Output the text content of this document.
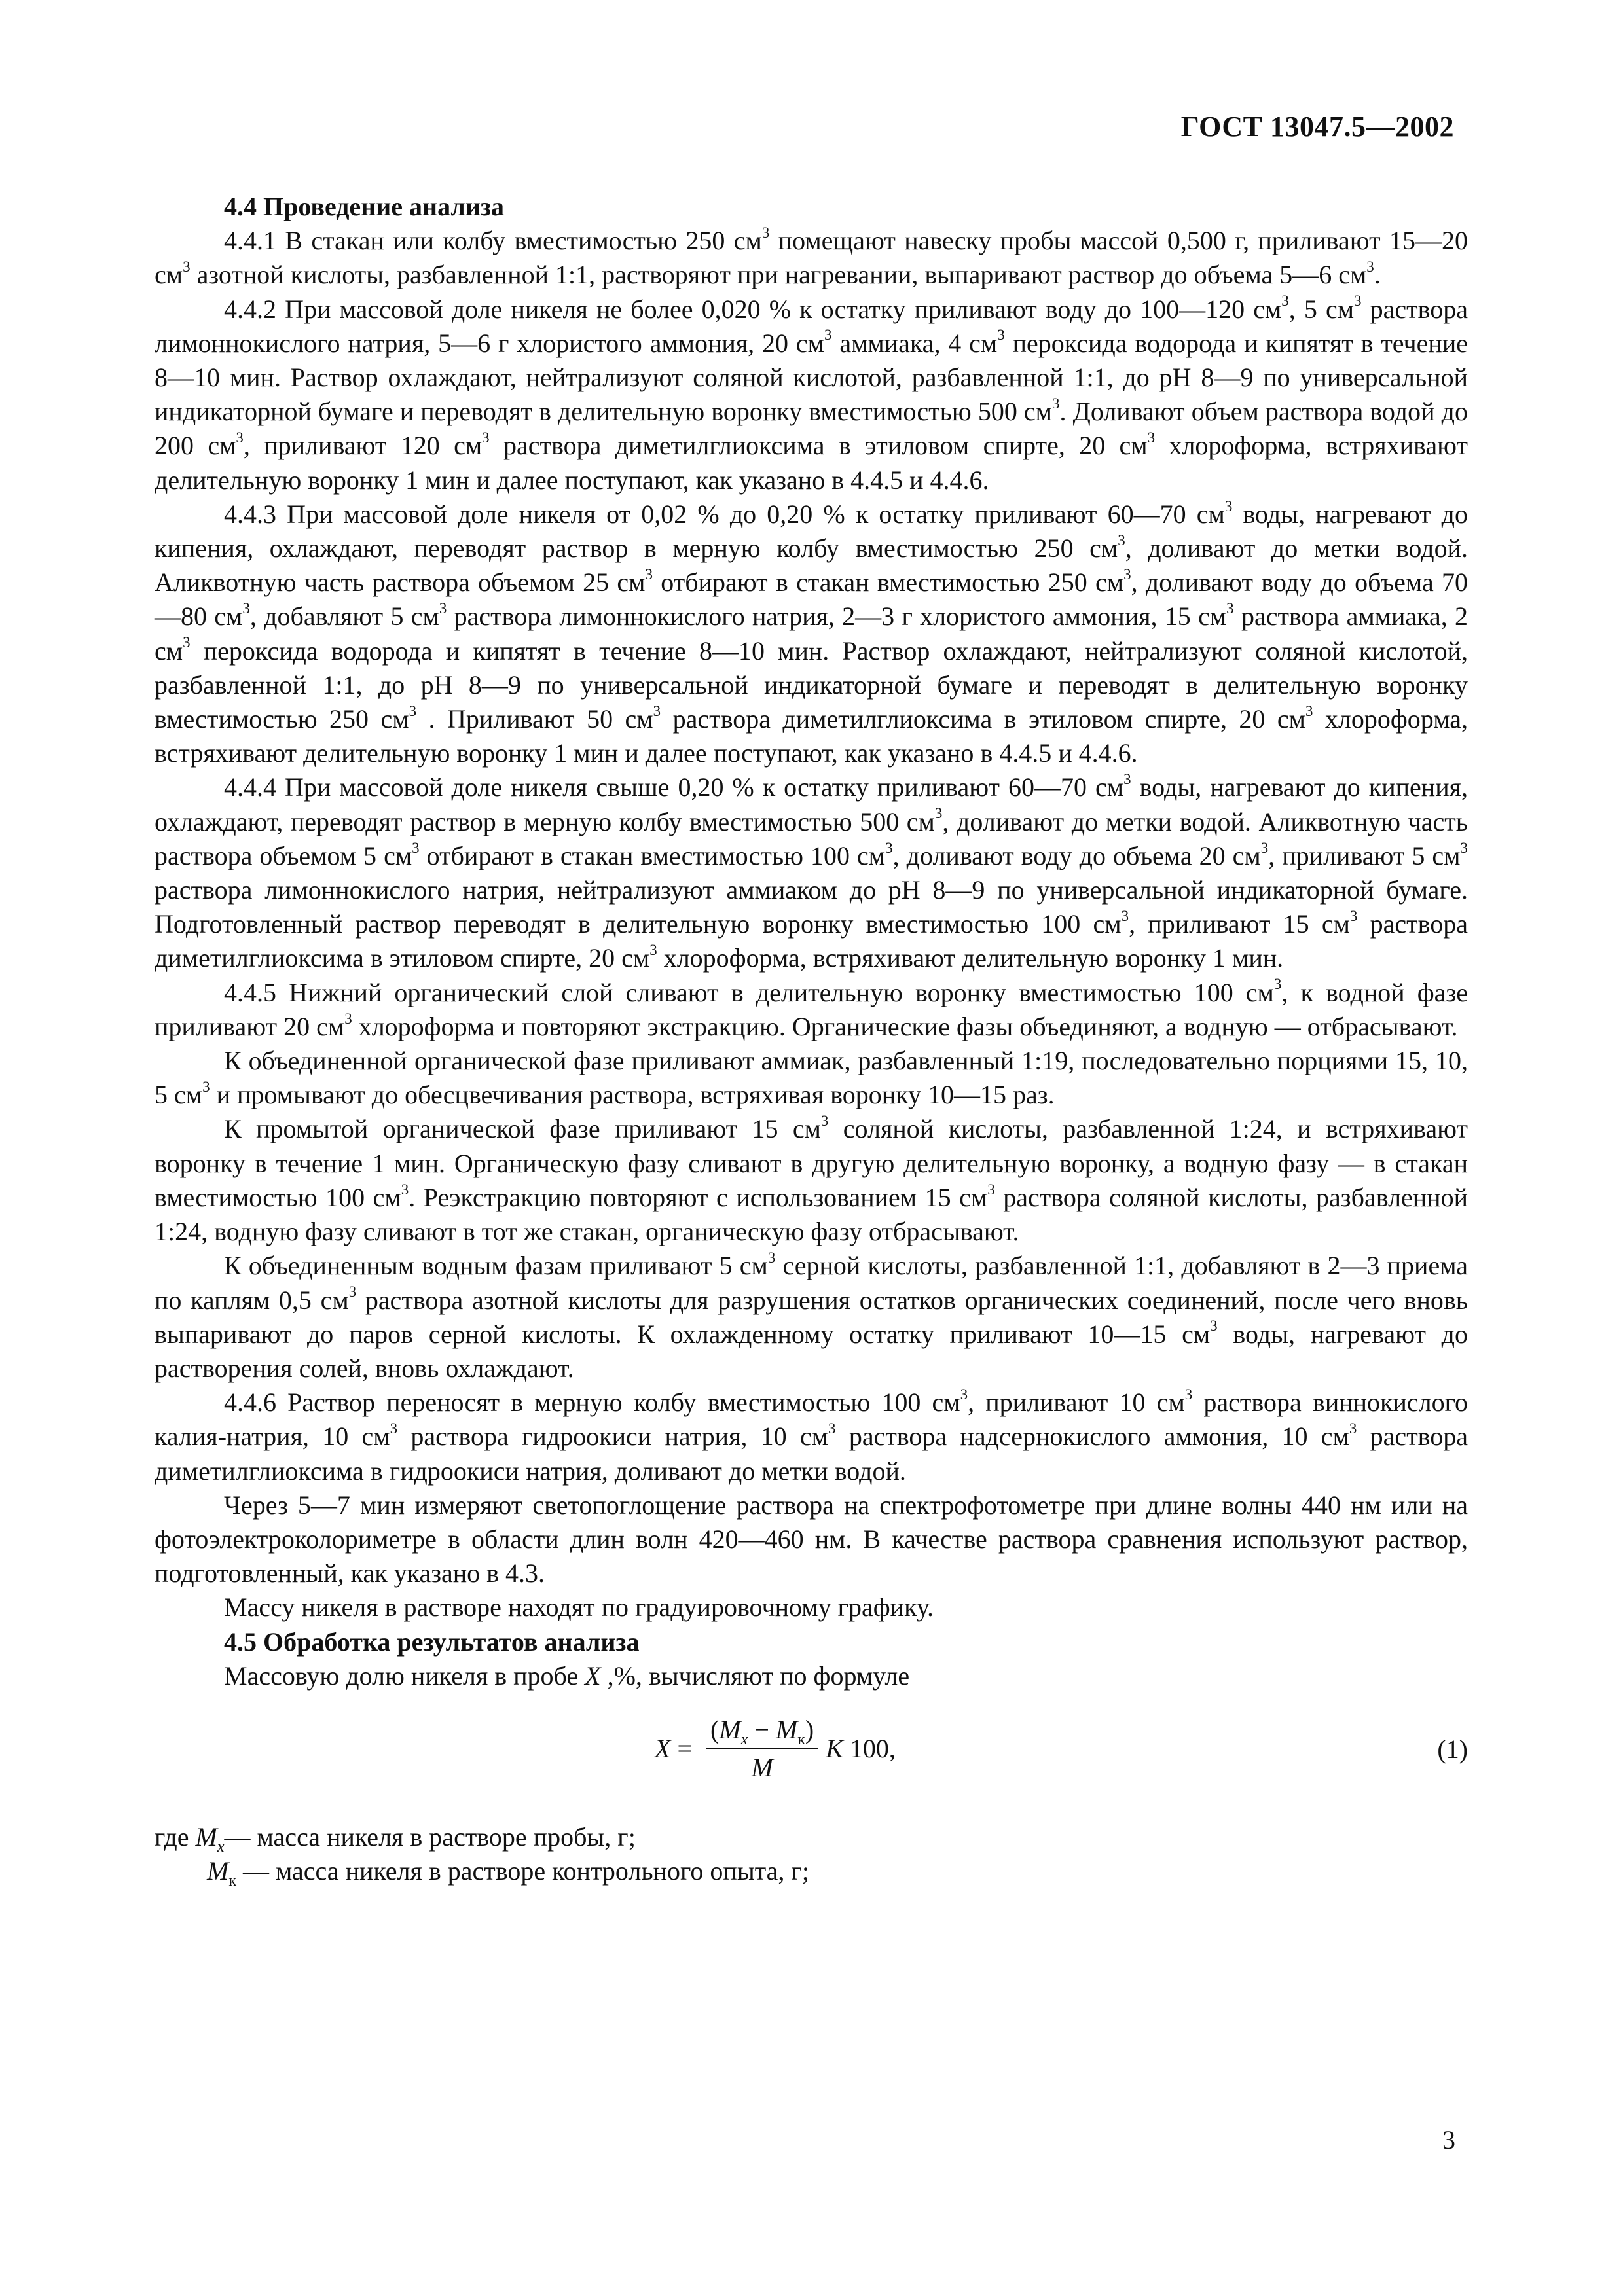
ГОСТ 13047.5—2002
4.4 Проведение анализа

4.4.1 В стакан или колбу вместимостью 250 $см^3$ помещают навеску пробы массой 0,500 г, приливают 15—20 $см^3$ азотной кислоты, разбавленной 1:1, растворяют при нагревании, выпаривают раствор до объема 5—6 $см^3$.

4.4.2 При массовой доле никеля не более 0,020 % к остатку приливают воду до 100—120 $см^3$, 5 $см^3$ раствора лимоннокислого натрия, 5—6 г хлористого аммония, 20 $см^3$ аммиака, 4 $см^3$ пероксида водорода и кипятят в течение 8—10 мин. Раствор охлаждают, нейтрализуют соляной кислотой, разбавленной 1:1, до рН 8—9 по универсальной индикаторной бумаге и переводят в делительную воронку вместимостью 500 $см^3$. Доливают объем раствора водой до 200 $см^3$, приливают 120 $см^3$ раствора диметилглиоксима в этиловом спирте, 20 $см^3$ хлороформа, встряхивают делительную воронку 1 мин и далее поступают, как указано в 4.4.5 и 4.4.6.

4.4.3 При массовой доле никеля от 0,02 % до 0,20 % к остатку приливают 60—70 $см^3$ воды, нагревают до кипения, охлаждают, переводят раствор в мерную колбу вместимостью 250 $см^3$, доливают до метки водой. Аликвотную часть раствора объемом 25 $см^3$ отбирают в стакан вместимостью 250 $см^3$, доливают воду до объема 70—80 $см^3$, добавляют 5 $см^3$ раствора лимоннокислого натрия, 2—3 г хлористого аммония, 15 $см^3$ раствора аммиака, 2 $см^3$ пероксида водорода и кипятят в течение 8—10 мин. Раствор охлаждают, нейтрализуют соляной кислотой, разбавленной 1:1, до рН 8—9 по универсальной индикаторной бумаге и переводят в делительную воронку вместимостью 250 $см^3$ . Приливают 50 $см^3$ раствора диметилглиоксима в этиловом спирте, 20 $см^3$ хлороформа, встряхивают делительную воронку 1 мин и далее поступают, как указано в 4.4.5 и 4.4.6.

4.4.4 При массовой доле никеля свыше 0,20 % к остатку приливают 60—70 $см^3$ воды, нагревают до кипения, охлаждают, переводят раствор в мерную колбу вместимостью 500 $см^3$, доливают до метки водой. Аликвотную часть раствора объемом 5 $см^3$ отбирают в стакан вместимостью 100 $см^3$, доливают воду до объема 20 $см^3$, приливают 5 $см^3$ раствора лимоннокислого натрия, нейтрализуют аммиаком до рН 8—9 по универсальной индикаторной бумаге. Подготовленный раствор переводят в делительную воронку вместимостью 100 $см^3$, приливают 15 $см^3$ раствора диметилглиоксима в этиловом спирте, 20 $см^3$ хлороформа, встряхивают делительную воронку 1 мин.

4.4.5 Нижний органический слой сливают в делительную воронку вместимостью 100 $см^3$, к водной фазе приливают 20 $см^3$ хлороформа и повторяют экстракцию. Органические фазы объединяют, а водную — отбрасывают.

К объединенной органической фазе приливают аммиак, разбавленный 1:19, последовательно порциями 15, 10, 5 $см^3$ и промывают до обесцвечивания раствора, встряхивая воронку 10—15 раз.

К промытой органической фазе приливают 15 $см^3$ соляной кислоты, разбавленной 1:24, и встряхивают воронку в течение 1 мин. Органическую фазу сливают в другую делительную воронку, а водную фазу — в стакан вместимостью 100 $см^3$. Реэкстракцию повторяют с использованием 15 $см^3$ раствора соляной кислоты, разбавленной 1:24, водную фазу сливают в тот же стакан, органическую фазу отбрасывают.

К объединенным водным фазам приливают 5 $см^3$ серной кислоты, разбавленной 1:1, добавляют в 2—3 приема по каплям 0,5 $см^3$ раствора азотной кислоты для разрушения остатков органических соединений, после чего вновь выпаривают до паров серной кислоты. К охлажденному остатку приливают 10—15 $см^3$ воды, нагревают до растворения солей, вновь охлаждают.

4.4.6 Раствор переносят в мерную колбу вместимостью 100 $см^3$, приливают 10 $см^3$ раствора виннокислого калия-натрия, 10 $см^3$ раствора гидроокиси натрия, 10 $см^3$ раствора надсернокислого аммония, 10 $см^3$ раствора диметилглиоксима в гидроокиси натрия, доливают до метки водой.

Через 5—7 мин измеряют светопоглощение раствора на спектрофотометре при длине волны 440 нм или на фотоэлектроколориметре в области длин волн 420—460 нм. В качестве раствора сравнения используют раствор, подготовленный, как указано в 4.3.

Массу никеля в растворе находят по градуировочному графику.

4.5 Обработка результатов анализа

Массовую долю никеля в пробе X ,%, вычисляют по формуле

$X = \frac{(M_x - M_к)}{M}$ K 100,	(1)

где $M_x—$ масса никеля в растворе пробы, г;

$M_к$ — масса никеля в растворе контрольного опыта, г;

3
